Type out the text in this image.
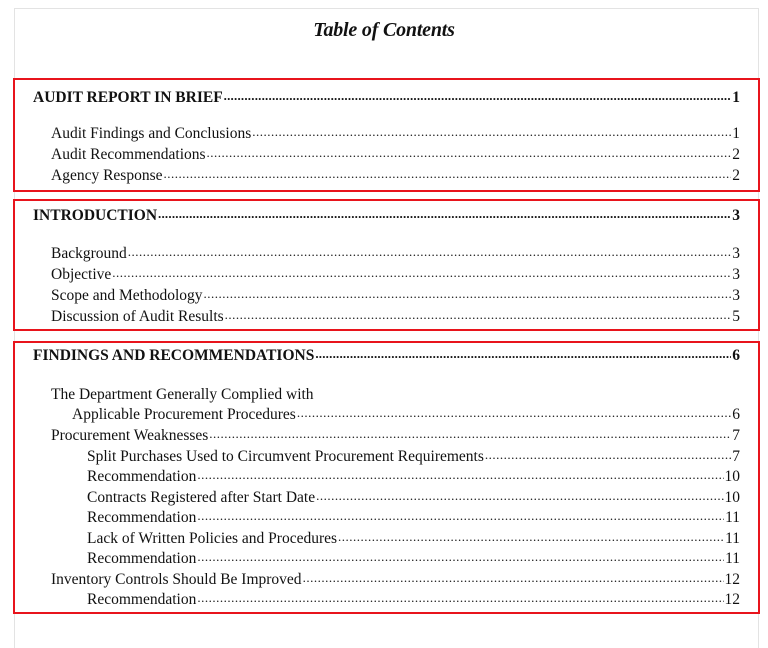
Table of Contents
AUDIT REPORT IN BRIEF .....	1
Audit Findings and Conclusions .....	1
Audit Recommendations .....	2
Agency Response .....	2
INTRODUCTION .....	3
Background .....	3
Objective .....	3
Scope and Methodology .....	3
Discussion of Audit Results .....	5
FINDINGS AND RECOMMENDATIONS .....	6
The Department Generally Complied with
Applicable Procurement Procedures .....	6
Procurement Weaknesses .....	7
Split Purchases Used to Circumvent Procurement Requirements .....	7
Recommendation .....	10
Contracts Registered after Start Date .....	10
Recommendation .....	11
Lack of Written Policies and Procedures .....	11
Recommendation .....	11
Inventory Controls Should Be Improved .....	12
Recommendation .....	12
